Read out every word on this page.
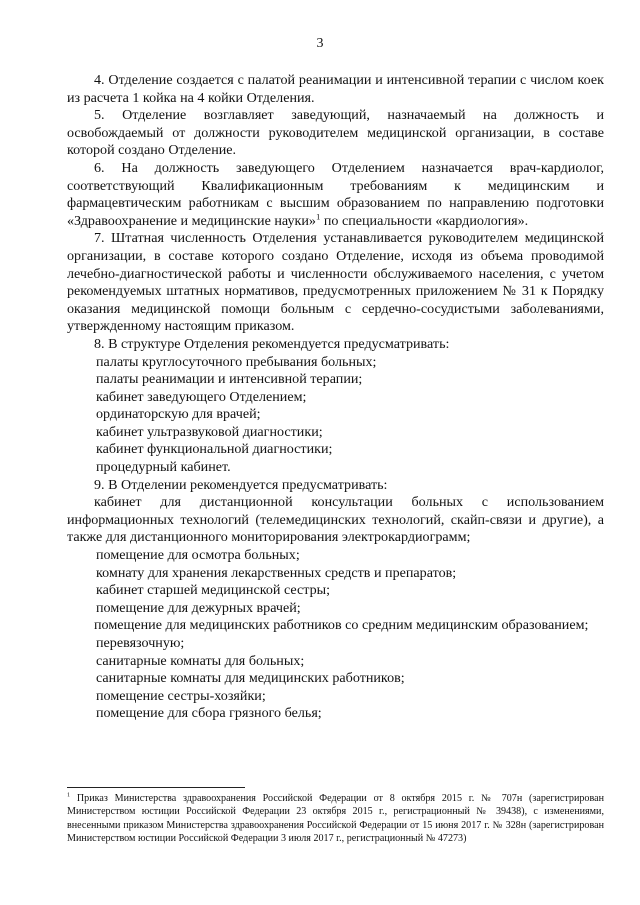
3

4. Отделение создается с палатой реанимации и интенсивной терапии с числом коек из расчета 1 койка на 4 койки Отделения.

5. Отделение возглавляет заведующий, назначаемый на должность и освобождаемый от должности руководителем медицинской организации, в составе которой создано Отделение.

6. На должность заведующего Отделением назначается врач-кардиолог, соответствующий Квалификационным требованиям к медицинским и фармацевтическим работникам с высшим образованием по направлению подготовки «Здравоохранение и медицинские науки»$^1$ по специальности «кардиология».

7. Штатная численность Отделения устанавливается руководителем медицинской организации, в составе которого создано Отделение, исходя из объема проводимой лечебно-диагностической работы и численности обслуживаемого населения, с учетом рекомендуемых штатных нормативов, предусмотренных приложением № 31 к Порядку оказания медицинской помощи больным с сердечно-сосудистыми заболеваниями, утвержденному настоящим приказом.

8. В структуре Отделения рекомендуется предусматривать:

палаты круглосуточного пребывания больных;

палаты реанимации и интенсивной терапии;

кабинет заведующего Отделением;

ординаторскую для врачей;

кабинет ультразвуковой диагностики;

кабинет функциональной диагностики;

процедурный кабинет.

9. В Отделении рекомендуется предусматривать:

кабинет для дистанционной консультации больных с использованием информационных технологий (телемедицинских технологий, скайп-связи и другие), а также для дистанционного мониторирования электрокардиограмм;

помещение для осмотра больных;

комнату для хранения лекарственных средств и препаратов;

кабинет старшей медицинской сестры;

помещение для дежурных врачей;

помещение для медицинских работников со средним медицинским образованием;

перевязочную;

санитарные комнаты для больных;

санитарные комнаты для медицинских работников;

помещение сестры-хозяйки;

помещение для сбора грязного белья;

$^1$ Приказ Министерства здравоохранения Российской Федерации от 8 октября 2015 г. № 707н (зарегистрирован Министерством юстиции Российской Федерации 23 октября 2015 г., регистрационный № 39438), с изменениями, внесенными приказом Министерства здравоохранения Российской Федерации от 15 июня 2017 г. № 328н (зарегистрирован Министерством юстиции Российской Федерации 3 июля 2017 г., регистрационный № 47273)
